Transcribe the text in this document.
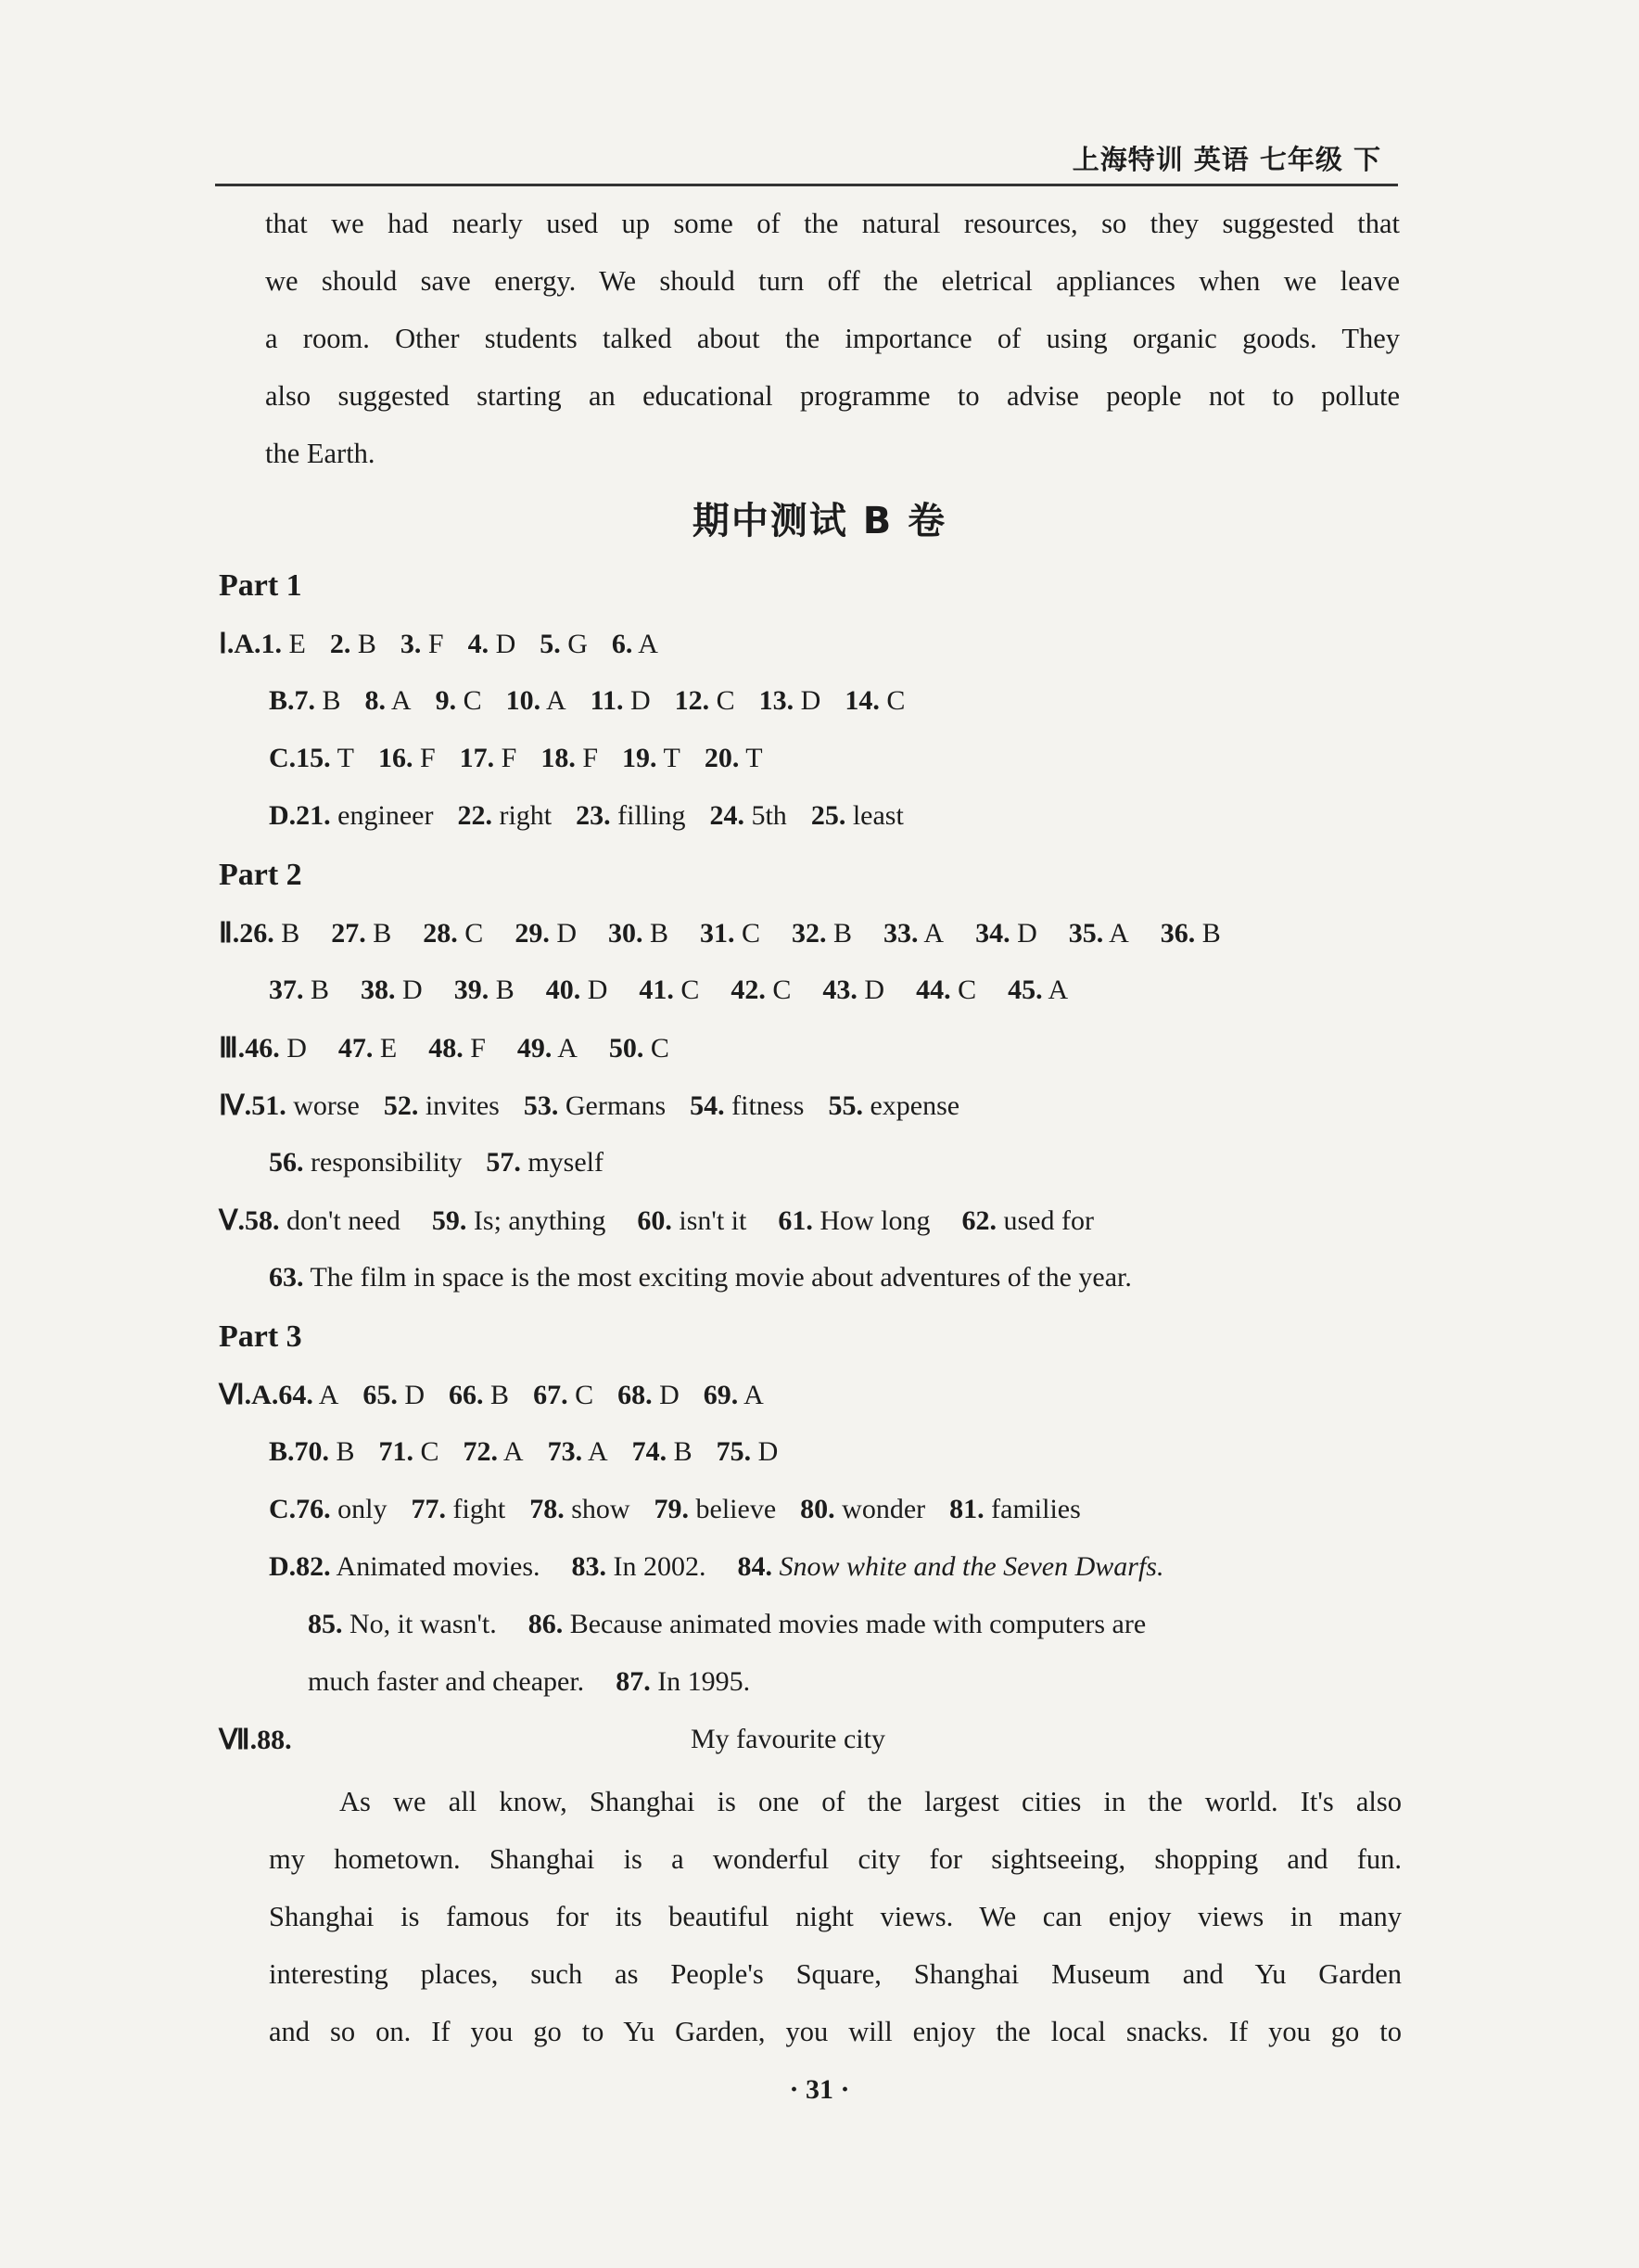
上海特训 英语 七年级 下
that we had nearly used up some of the natural resources, so they suggested that
we should save energy. We should turn off the eletrical appliances when we leave
a room. Other students talked about the importance of using organic goods. They
also suggested starting an educational programme to advise people not to pollute
the Earth.
期中测试 B 卷
Part 1
Ⅰ.A.1. E 2. B 3. F 4. D 5. G 6. A
B.7. B 8. A 9. C 10. A 11. D 12. C 13. D 14. C
C.15. T 16. F 17. F 18. F 19. T 20. T
D.21. engineer 22. right 23. filling 24. 5th 25. least
Part 2
Ⅱ.26. B 27. B 28. C 29. D 30. B 31. C 32. B 33. A 34. D 35. A 36. B
37. B 38. D 39. B 40. D 41. C 42. C 43. D 44. C 45. A
Ⅲ.46. D 47. E 48. F 49. A 50. C
Ⅳ.51. worse 52. invites 53. Germans 54. fitness 55. expense
56. responsibility 57. myself
Ⅴ.58. don't need 59. Is; anything 60. isn't it 61. How long 62. used for
63. The film in space is the most exciting movie about adventures of the year.
Part 3
Ⅵ.A.64. A 65. D 66. B 67. C 68. D 69. A
B.70. B 71. C 72. A 73. A 74. B 75. D
C.76. only 77. fight 78. show 79. believe 80. wonder 81. families
D.82. Animated movies. 83. In 2002. 84. Snow white and the Seven Dwarfs.
85. No, it wasn't. 86. Because animated movies made with computers are
much faster and cheaper. 87. In 1995.
Ⅶ.88.	My favourite city
As we all know, Shanghai is one of the largest cities in the world. It's also
my hometown. Shanghai is a wonderful city for sightseeing, shopping and fun.
Shanghai is famous for its beautiful night views. We can enjoy views in many
interesting places, such as People's Square, Shanghai Museum and Yu Garden
and so on. If you go to Yu Garden, you will enjoy the local snacks. If you go to
· 31 ·
